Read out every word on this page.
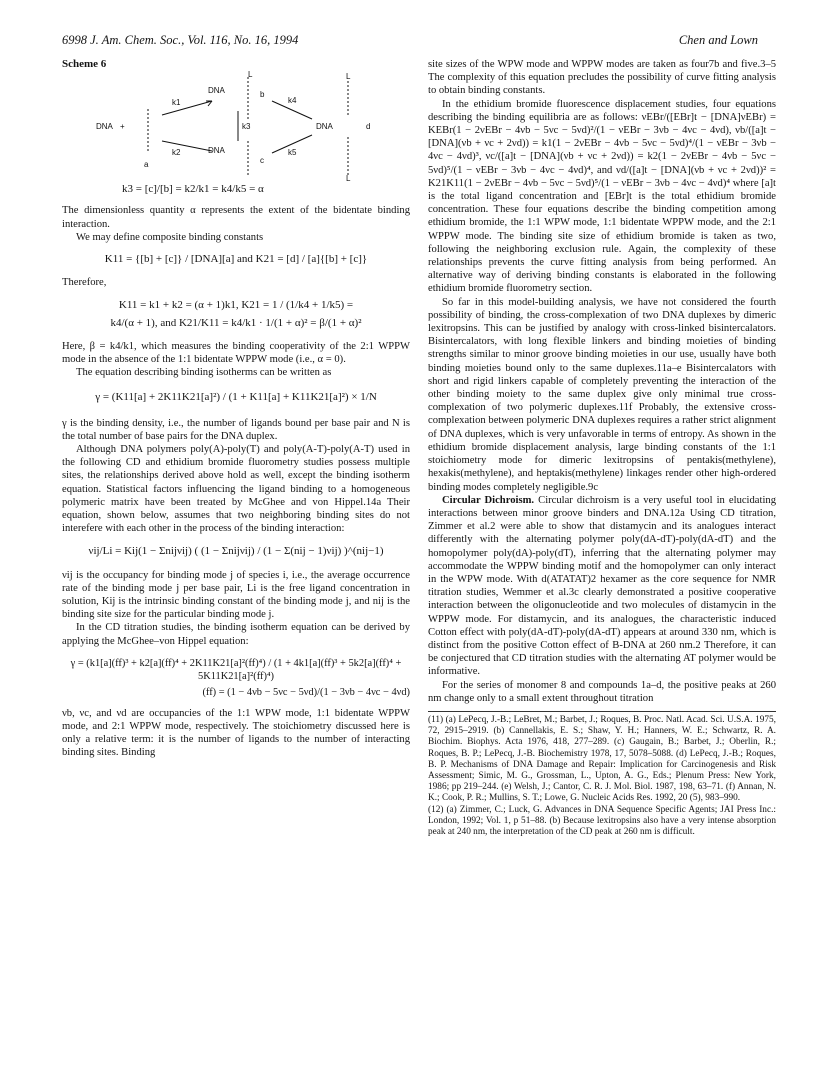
6998 J. Am. Chem. Soc., Vol. 116, No. 16, 1994	Chen and Lown
Scheme 6
DNA +
a
k1
k2
DNA
L
b
k3
DNA
c
k4
k5
DNA
L
L
d
k3 = [c]/[b] = k2/k1 = k4/k5 = α

The dimensionless quantity α represents the extent of the bidentate binding interaction.

We may define composite binding constants

K11 = {[b] + [c]} / [DNA][a] and K21 = [d] / [a]{[b] + [c]}

Therefore,

K11 = k1 + k2 = (α + 1)k1, K21 = 1 / (1/k4 + 1/k5) =
k4/(α + 1), and K21/K11 = k4/k1 · 1/(1 + α)² = β/(1 + α)²

Here, β = k4/k1, which measures the binding cooperativity of the 2:1 WPPW mode in the absence of the 1:1 bidentate WPPW mode (i.e., α = 0).

The equation describing binding isotherms can be written as

γ = (K11[a] + 2K11K21[a]²) / (1 + K11[a] + K11K21[a]²) × 1/N

γ is the binding density, i.e., the number of ligands bound per base pair and N is the total number of base pairs for the DNA duplex.

Although DNA polymers poly(A)-poly(T) and poly(A-T)-poly(A-T) used in the following CD and ethidium bromide fluorometry studies possess multiple sites, the relationships derived above hold as well, except the binding isotherm equation. Statistical factors influencing the ligand binding to a homogeneous polymeric matrix have been treated by McGhee and von Hippel.14a Their equation, shown below, assumes that two neighboring binding sites do not interefere with each other in the process of the binding interaction:

νij/Li = Kij(1 − Σnijνij) ( (1 − Σnijνij) / (1 − Σ(nij − 1)νij) )^(nij−1)

νij is the occupancy for binding mode j of species i, i.e., the average occurrence rate of the binding mode j per base pair, Li is the free ligand concentration in solution, Kij is the intrinsic binding constant of the binding mode j, and nij is the binding site size for the particular binding mode j.

In the CD titration studies, the binding isotherm equation can be derived by applying the McGhee–von Hippel equation:

γ = (k1[a](ff)³ + k2[a](ff)⁴ + 2K11K21[a]²(ff)⁴) / (1 + 4k1[a](ff)³ + 5k2[a](ff)⁴ + 5K11K21[a]²(ff)⁴)
(ff) = (1 − 4νb − 5νc − 5νd)/(1 − 3νb − 4νc − 4νd)

νb, νc, and νd are occupancies of the 1:1 WPW mode, 1:1 bidentate WPPW mode, and 2:1 WPPW mode, respectively. The stoichiometry discussed here is only a relative term: it is the number of ligands to the number of interacting binding sites. Binding

site sizes of the WPW mode and WPPW modes are taken as four7b and five.3–5 The complexity of this equation precludes the possibility of curve fitting analysis to obtain binding constants.

In the ethidium bromide fluorescence displacement studies, four equations describing the binding equilibria are as follows: νEBr/([EBr]t − [DNA]νEBr) = KEBr(1 − 2νEBr − 4νb − 5νc − 5νd)²/(1 − νEBr − 3νb − 4νc − 4νd), νb/([a]t − [DNA](νb + νc + 2νd)) = k1(1 − 2νEBr − 4νb − 5νc − 5νd)⁴/(1 − νEBr − 3νb − 4νc − 4νd)³, νc/([a]t − [DNA](νb + νc + 2νd)) = k2(1 − 2νEBr − 4νb − 5νc − 5νd)⁵/(1 − νEBr − 3νb − 4νc − 4νd)⁴, and νd/([a]t − [DNA](νb + νc + 2νd))² = K21K11(1 − 2νEBr − 4νb − 5νc − 5νd)⁵/(1 − νEBr − 3νb − 4νc − 4νd)⁴ where [a]t is the total ligand concentration and [EBr]t is the total ethidium bromide concentration. These four equations describe the binding competition among ethidium bromide, the 1:1 WPW mode, 1:1 bidentate WPPW mode, and the 2:1 WPPW mode. The binding site size of ethidium bromide is taken as two, following the neighboring exclusion rule. Again, the complexity of these relationships prevents the curve fitting analysis from being performed. An alternative way of deriving binding constants is elaborated in the following ethidium bromide fluorometry section.

So far in this model-building analysis, we have not considered the fourth possibility of binding, the cross-complexation of two DNA duplexes by dimeric lexitropsins. This can be justified by analogy with cross-linked bisintercalators. Bisintercalators, with long flexible linkers and binding moieties of binding strengths similar to minor groove binding moieties in our use, usually have both binding moieties bound only to the same duplexes.11a–e Bisintercalators with short and rigid linkers capable of completely preventing the interaction of the other binding moiety to the same duplex give only minimal true cross-complexation of two polymeric duplexes.11f Probably, the extensive cross-complexation between polymeric DNA duplexes requires a rather strict alignment of DNA duplexes, which is very unfavorable in terms of entropy. As shown in the ethidium bromide displacement analysis, large binding constants of the 1:1 stoichiometry mode for dimeric lexitropsins of pentakis(methylene), hexakis(methylene), and heptakis(methylene) linkages render other high-ordered binding modes completely negligible.9c

Circular Dichroism. Circular dichroism is a very useful tool in elucidating interactions between minor groove binders and DNA.12a Using CD titration, Zimmer et al.2 were able to show that distamycin and its analogues interact differently with the alternating polymer poly(dA-dT)-poly(dA-dT) and the homopolymer poly(dA)-poly(dT), inferring that the alternating polymer may accommodate the WPPW binding motif and the homopolymer can only interact in the WPW mode. With d(ATATAT)2 hexamer as the core sequence for NMR titration studies, Wemmer et al.3c clearly demonstrated a positive cooperative interaction between the oligonucleotide and two molecules of distamycin in the WPPW mode. For distamycin, and its analogues, the characteristic induced Cotton effect with poly(dA-dT)-poly(dA-dT) appears at around 330 nm, which is distinct from the positive Cotton effect of B-DNA at 260 nm.2 Therefore, it can be conjectured that CD titration studies with the alternating AT polymer would be informative.

For the series of monomer 8 and compounds 1a–d, the positive peaks at 260 nm change only to a small extent throughout titration

(11) (a) LePecq, J.-B.; LeBret, M.; Barbet, J.; Roques, B. Proc. Natl. Acad. Sci. U.S.A. 1975, 72, 2915–2919. (b) Cannellakis, E. S.; Shaw, Y. H.; Hanners, W. E.; Schwartz, R. A. Biochim. Biophys. Acta 1976, 418, 277–289. (c) Gaugain, B.; Barbet, J.; Oberlin, R.; Roques, B. P.; LePecq, J.-B. Biochemistry 1978, 17, 5078–5088. (d) LePecq, J.-B.; Roques, B. P. Mechanisms of DNA Damage and Repair: Implication for Carcinogenesis and Risk Assessment; Simic, M. G., Grossman, L., Upton, A. G., Eds.; Plenum Press: New York, 1986; pp 219–244. (e) Welsh, J.; Cantor, C. R. J. Mol. Biol. 1987, 198, 63–71. (f) Annan, N. K.; Cook, P. R.; Mullins, S. T.; Lowe, G. Nucleic Acids Res. 1992, 20 (5), 983–990.

(12) (a) Zimmer, C.; Luck, G. Advances in DNA Sequence Specific Agents; JAI Press Inc.: London, 1992; Vol. 1, p 51–88. (b) Because lexitropsins also have a very intense absorption peak at 240 nm, the interpretation of the CD peak at 260 nm is difficult.
